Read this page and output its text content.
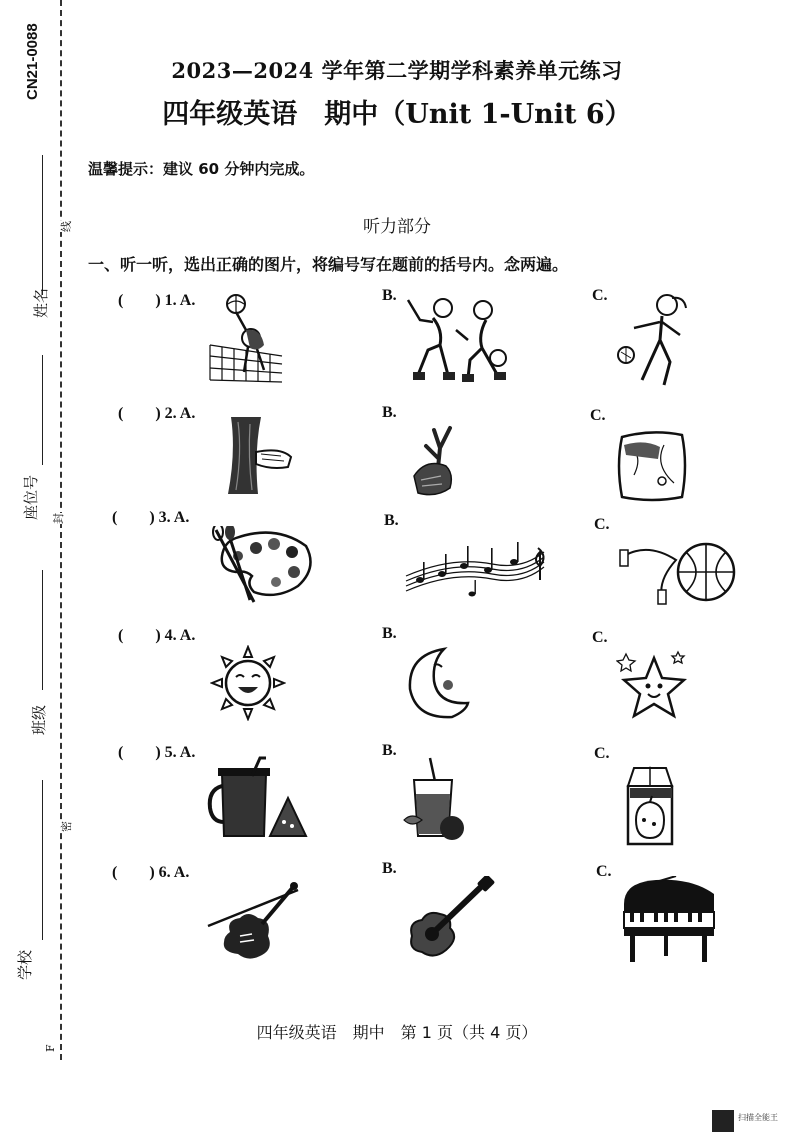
CN21-0088
姓名
线
座位号 封
班级
密
学校
F
2023—2024 学年第二学期学科素养单元练习
四年级英语　期中（Unit 1-Unit 6）
温馨提示：建议 60 分钟内完成。
听力部分
一、听一听，选出正确的图片，将编号写在题前的括号内。念两遍。
(　　) 1. A.	B.	C.
(　　) 2. A.	B.	C.
(　　) 3. A.	B.	C.
(　　) 4. A.	B.	C.
(　　) 5. A.	B.	C.
(　　) 6. A.	B.	C.
四年级英语　期中　第 1 页（共 4 页）
扫描全能王
